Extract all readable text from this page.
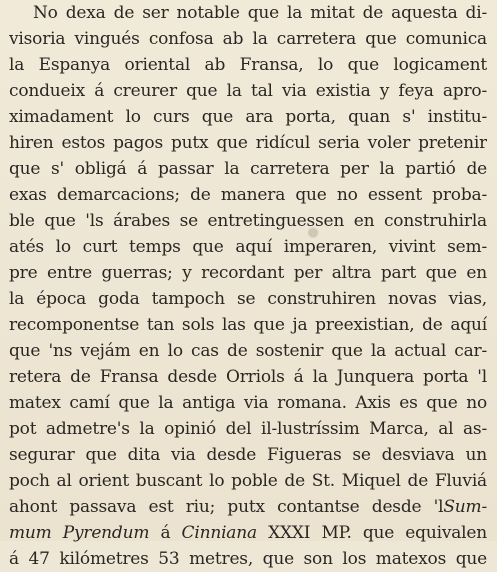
No dexa de ser notable que la mitat de aquesta di-
visoria vingués confosa ab la carretera que comunica
la Espanya oriental ab Fransa, lo que logicament
condueix á creurer que la tal via existia y feya apro-
ximadament lo curs que ara porta, quan s' institu-
hiren estos pagos putx que ridícul seria voler pretenir
que s' obligá á passar la carretera per la partió de
exas demarcacions; de manera que no essent proba-
ble que 'ls árabes se entretinguessen en construhirla
atés lo curt temps que aquí imperaren, vivint sem-
pre entre guerras; y recordant per altra part que en
la época goda tampoch se construhiren novas vias,
recomponentse tan sols las que ja preexistian, de aquí
que 'ns vejám en lo cas de sostenir que la actual car-
retera de Fransa desde Orriols á la Junquera porta 'l
matex camí que la antiga via romana. Axis es que no
pot admetre's la opinió del il-lustríssim Marca, al as-
segurar que dita via desde Figueras se desviava un
poch al orient buscant lo poble de St. Miquel de Fluviá
ahont passava est riu; putx contantse desde 'lSum-
mum Pyrendum á Cinniana XXXI MP. que equivalen
á 47 kilómetres 53 metres, que son los matexos que
